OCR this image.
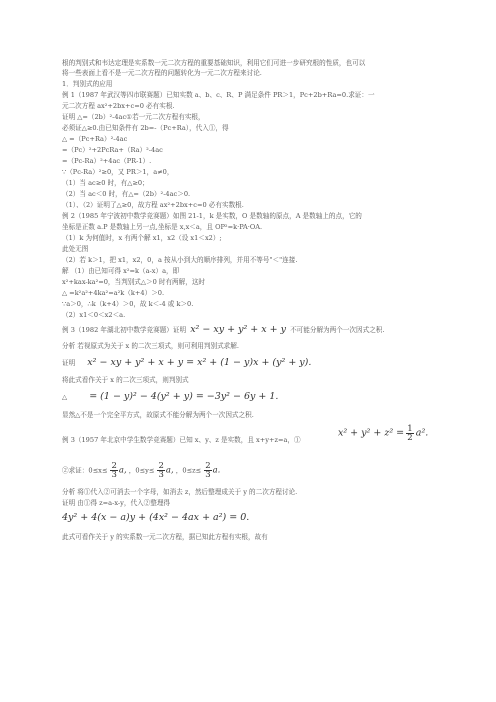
根的判别式和韦达定理是实系数一元二次方程的重要基础知识，利用它们可进一步研究根的性质，也可以
将一些表面上看不是一元二次方程的问题转化为一元二次方程来讨论.
1．判别式的应用
例 1（1987 年武汉等四市联赛题）已知实数 a、b、c、R、P 满足条件 PR＞1，Pc+2b+Ra=0.求证：一
元二次方程 ax²+2bx+c=0 必有实根.
证明 △=（2b）²-4ac①若一元二次方程有实根，
必须证△≥0.由已知条件有 2b=-（Pc+Ra），代入①，得
△ =（Pc+Ra）²-4ac
=（Pc）²+2PcRa+（Ra）²-4ac
=（Pc-Ra）²+4ac（PR-1）.
∵（Pc-Ra）²≥0，又 PR＞1，a≠0，
（1）当 ac≥0 时，有△≥0；
（2）当 ac＜0 时，有△=（2b）²-4ac＞0.
（1）、（2）证明了△≥0，故方程 ax²+2bx+c=0 必有实数根.
例 2（1985 年宁波初中数学竞赛题）如图 21-1，k 是实数，O 是数轴的原点，A 是数轴上的点，它的
坐标是正数 a.P 是数轴上另一点,坐标是 x,x＜a，且 OP²=k·PA·OA.
（1）k 为何值时，x 有两个解 x1，x2（设 x1＜x2）;
此处无图
（2）若 k＞1，把 x1，x2，0，a 按从小到大的顺序排列，并用不等号"＜"连接.
解 （1）由已知可得 x²=k（a-x）a，即
x²+kax-ka²=0，当判别式△＞0 时有两解，这时
△ =k²a²+4ka²=a²k（k+4）＞0.
∵a＞0，∴k（k+4）＞0，故 k＜-4 或 k＞0.
（2）x1＜0＜x2＜a.
例 3（1982 年湖北初中数学竞赛题）证明 x² − xy + y² + x + y 不可能分解为两个一次因式之积.
分析 若视原式为关于 x 的二次三项式，则可利用判别式求解.
证明 x² − xy + y² + x + y = x² + (1 − y)x + (y² + y).
将此式看作关于 x 的二次三项式，则判别式
△ = (1 − y)² − 4(y² + y) = −3y² − 6y + 1.
显然△不是一个完全平方式，故原式不能分解为两个一次因式之积.
例 3（1957 年北京中学生数学竞赛题）已知 x、y、z 是实数，且 x+y+z=a，①
$x^2 + y^2 + z^2 = \frac{1}{2} a^2$.
②求证：$0\le x\le \frac{2}{3} a$, ，$0\le y\le \frac{2}{3} a$, ，$0\le z\le \frac{2}{3} a$.
分析 将①代入②可消去一个字母，如消去 z，然后整理成关于 y 的二次方程讨论.
证明 由①得 z=a-x-y，代入②整理得
4y² + 4(x − a)y + (4x² − 4ax + a²) = 0.
此式可看作关于 y 的实系数一元二次方程，据已知此方程有实根，故有
